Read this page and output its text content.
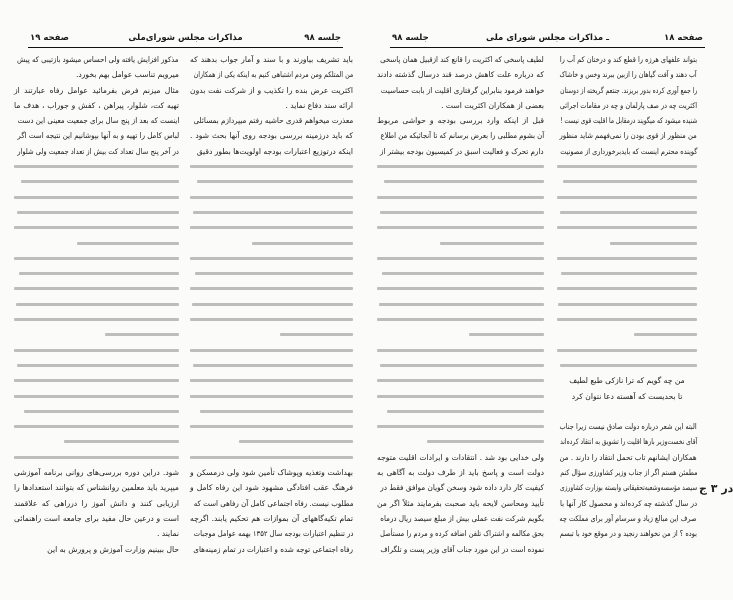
صفحه ۱۹	مذاکرات مجلس شورای‌ملی	جلسه ۹۸
باید تشریف بیاورند و با سند و آمار جواب بدهند که
من المتلکم ومن مردم اشتباهی کنیم به اینکه یکی از همکاران
اکثریت عرض بنده را تکذیب و از شرکت نفت بدون
ارائه سند دفاع نماید .
معذرت میخواهم قدری حاشیه رفتم میپردازم بمسائلی
که باید درزمینه بررسی بودجه روی آنها بحث شود .
اینکه درتوزیع اعتبارات بودجه اولویت‌ها بطور دقیق
بهداشت وتغذیه وپوشاک تأمین شود ولی درمسکن و
فرهنگ عقب افتادگی مشهود شود این رفاه کامل و
مطلوب نیست. رفاه اجتماعی کامل آن رفاهی است که
تمام تکیه‌گاههای آن بموازات هم تحکیم یابند. اگرچه
در تنظیم اعتبارات بودجه سال ۱۳۵۲ بهمه عوامل موجبات
رفاه اجتماعی توجه شده و اعتبارات در تمام زمینه‌های
مذکور افزایش یافته ولی احساس میشود بازتیبی که پیش
میرویم تناسب عوامل بهم بخورد.
مثال میزنم فرض بفرمائید عوامل رفاه عبارتند از
تهیه کت، شلوار، پیراهن ، کفش و جوراب ، هدف ما
اینست که بعد از پنج سال برای جمعیت معینی این دست
لباس کامل را تهیه و به آنها بپوشانیم این نتیجه است اگر
در آخر پنج سال تعداد کت بیش از تعداد جمعیت ولی شلوار
شود. دراین دوره بررسی‌های روانی برنامه آموزشی
میپرید باید معلمین روانشناس که بتوانند استعدادها را
ارزیابی کنند و دانش آموز را درراهی که علاقمند
است و درعین حال مفید برای جامعه است راهنمائی
نمایند .
حال ببینیم وزارت آموزش و پرورش به این
جلسه ۹۸	ـ مذاکرات مجلس شورای ملی	صفحه ۱۸
بتواند علفهای هرزه را قطع کند و درختان کم آب را
آب دهند و آفت گیاهان را ازبین ببرند وخس و خاشاک
را جمع آوری کرده بدور بریزند. جنتعم گریخته از دوستان
اکثریت چه در صف پارلمان و چه در مقامات اجرائی
شنیده میشود که میگویند درمقابل ما اقلیت قوی نیست !
من منظور از قوی بودن را نمی‌فهمم شاید منظور
گوینده محترم اینست که بایدبرخورداری از مصونیت
من چه گویم که ترا نازکی طبع لطیف
تا بحدیست که آهسته دعا نتوان کرد
البته این شعر درباره دولت صادق نیست زیرا جناب
آقای نخست‌وزیر بارها اقلیت را تشویق به انتقاد کرده‌اند
همکاران ایشانهم تاب تحمل انتقاد را دارند . من
مطمئن هستم اگر از جناب وزیر کشاورزی سؤال کنم
سیصد مؤسسه‌وشعبه‌تحقیقاتی وابسته بوزارت کشاورزی
در سال گذشته چه کرده‌اند و محصول کار آنها با
صرف این مبالغ زیاد و سرسام آور برای مملکت چه
بوده ؟ از من نخواهند رنجید و در موقع خود با تبسم
لطیف پاسخی که اکثریت را قانع کند ازقبیل همان پاسخی
که درباره علت کاهش درصد قند درسال گذشته دادند
خواهند فرمود بنابراین گرفتاری اقلیت از بابت حساسیت
بعضی از همکاران اکثریت است .
قبل از اینکه وارد بررسی بودجه و حواشی مربوط
آن بشوم مطلبی را بعرض برسانم که تا آنجائیکه من اطلاع
دارم تحرک و فعالیت اسبق در کمیسیون بودجه بیشتر از
ولی خدایی بود شد . انتقادات و ایرادات اقلیت متوجه
دولت است و پاسخ باید از طرف دولت به آگاهی به
کیفیت کار دارد داده شود وسخن گویان موافق فقط در
تأیید ومحاسن لایحه باید صحبت بفرمایند مثلاً اگر من
بگویم شرکت نفت عملی بیش از مبلغ سیصد ریال درماه
بحق مکالمه و اشتراک تلفن اضافه کرده و مردم را مستأصل
نموده است در این مورد جناب آقای وزیر پست و تلگراف
در ۳ ج
